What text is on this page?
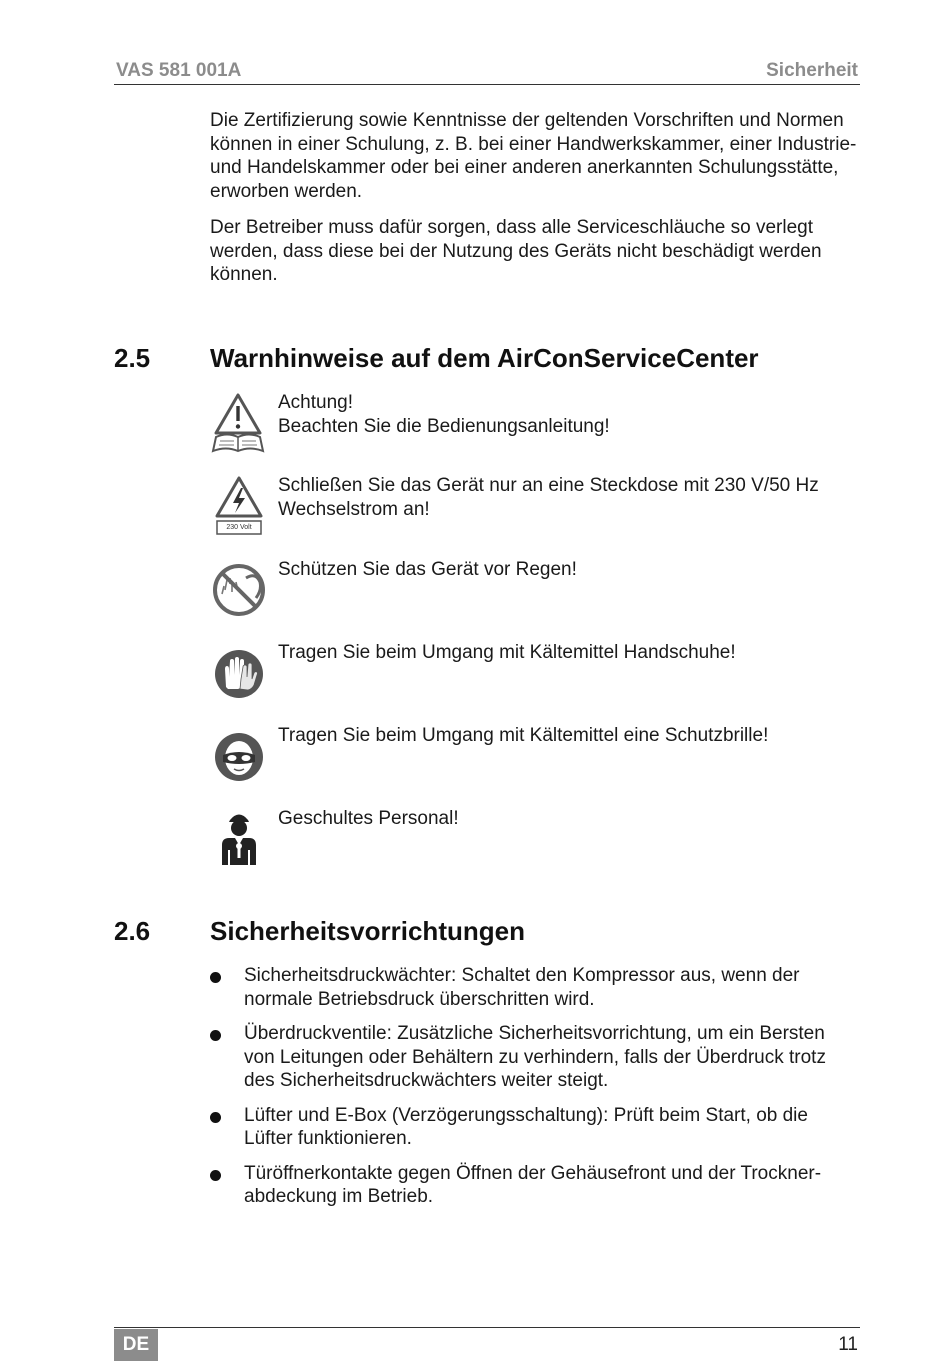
VAS 581 001A	Sicherheit
Die Zertifizierung sowie Kenntnisse der geltenden Vorschriften und Normen können in einer Schulung, z. B. bei einer Handwerkskammer, einer Industrie- und Handelskammer oder bei einer anderen anerkannten Schulungsstätte, erworben werden.
Der Betreiber muss dafür sorgen, dass alle Serviceschläuche so verlegt werden, dass diese bei der Nutzung des Geräts nicht beschädigt werden können.
2.5 Warnhinweise auf dem AirConServiceCenter
Achtung!
Beachten Sie die Bedienungsanleitung!
230 Volt
Schließen Sie das Gerät nur an eine Steckdose mit 230 V/50 Hz Wechselstrom an!
Schützen Sie das Gerät vor Regen!
Tragen Sie beim Umgang mit Kältemittel Handschuhe!
Tragen Sie beim Umgang mit Kältemittel eine Schutzbrille!
Geschultes Personal!
2.6 Sicherheitsvorrichtungen
Sicherheitsdruckwächter: Schaltet den Kompressor aus, wenn der normale Betriebsdruck überschritten wird.
Überdruckventile: Zusätzliche Sicherheitsvorrichtung, um ein Bersten von Leitungen oder Behältern zu verhindern, falls der Überdruck trotz des Sicherheitsdruckwächters weiter steigt.
Lüfter und E-Box (Verzögerungsschaltung): Prüft beim Start, ob die Lüfter funktionieren.
Türöffnerkontakte gegen Öffnen der Gehäusefront und der Trockner-abdeckung im Betrieb.
DE	11
